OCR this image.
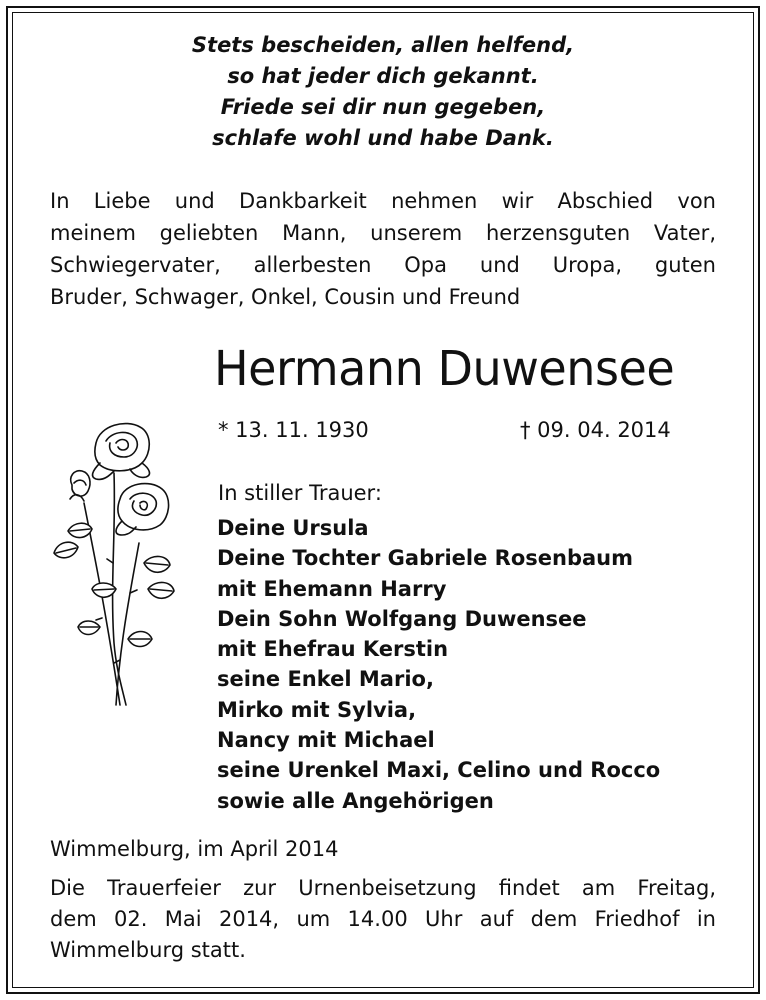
Stets bescheiden, allen helfend,
so hat jeder dich gekannt.
Friede sei dir nun gegeben,
schlafe wohl und habe Dank.
In Liebe und Dankbarkeit nehmen wir Abschied von
meinem geliebten Mann, unserem herzensguten Vater,
Schwiegervater, allerbesten Opa und Uropa, guten
Bruder, Schwager, Onkel, Cousin und Freund
Hermann Duwensee
* 13. 11. 1930	† 09. 04. 2014
In stiller Trauer:
Deine Ursula
Deine Tochter Gabriele Rosenbaum
mit Ehemann Harry
Dein Sohn Wolfgang Duwensee
mit Ehefrau Kerstin
seine Enkel Mario,
Mirko mit Sylvia,
Nancy mit Michael
seine Urenkel Maxi, Celino und Rocco
sowie alle Angehörigen
Wimmelburg, im April 2014
Die Trauerfeier zur Urnenbeisetzung findet am Freitag,
dem 02. Mai 2014, um 14.00 Uhr auf dem Friedhof in
Wimmelburg statt.
